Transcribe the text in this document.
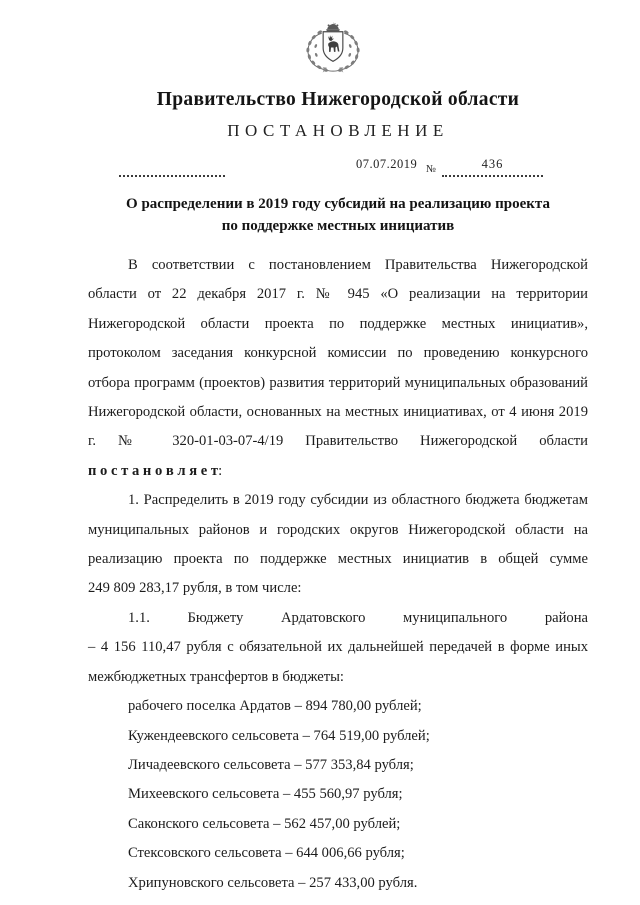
Правительство Нижегородской области
ПОСТАНОВЛЕНИЕ
07.07.2019 №	436
О распределении в 2019 году субсидий на реализацию проекта
по поддержке местных инициатив

В соответствии с постановлением Правительства Нижегородской области от 22 декабря 2017 г. № 945 «О реализации на территории Нижегородской области проекта по поддержке местных инициатив», протоколом заседания конкурсной комиссии по проведению конкурсного отбора программ (проектов) развития территорий муниципальных образований Нижегородской области, основанных на местных инициативах, от 4 июня 2019 г. № 320-01-03-07-4/19 Правительство Нижегородской области п о с т а н о в л я е т:

1. Распределить в 2019 году субсидии из областного бюджета бюджетам муниципальных районов и городских округов Нижегородской области на реализацию проекта по поддержке местных инициатив в общей сумме 249 809 283,17 рубля, в том числе:

1.1.	Бюджету	Ардатовского	муниципального	района

– 4 156 110,47 рубля с обязательной их дальнейшей передачей в форме иных межбюджетных трансфертов в бюджеты:

рабочего поселка Ардатов – 894 780,00 рублей;

Кужендеевского сельсовета – 764 519,00 рублей;

Личадеевского сельсовета – 577 353,84 рубля;

Михеевского сельсовета – 455 560,97 рубля;

Саконского сельсовета – 562 457,00 рублей;

Стексовского сельсовета – 644 006,66 рубля;

Хрипуновского сельсовета – 257 433,00 рубля.
